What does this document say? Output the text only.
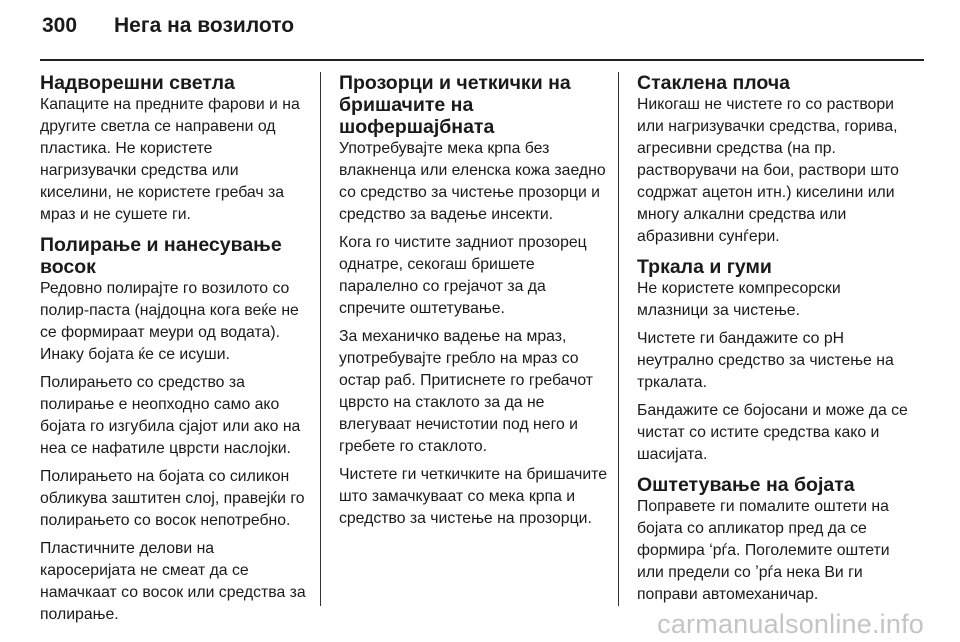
300	Нега на возилото
Надворешни светла

Капаците на предните фарови и на другите светла се направени од пластика. Не користете нагризувачки средства или киселини, не користете гребач за мраз и не сушете ги.

Полирање и нанесување восок

Редовно полирајте го возилото со полир-паста (најдоцна кога веќе не се формираат меури од водата). Инаку бојата ќе се исуши.

Полирањето со средство за полирање е неопходно само ако бојата го изгубила сјајот или ако на неа се нафатиле цврсти наслојки.

Полирањето на бојата со силикон обликува заштитен слој, правејќи го полирањето со восок непотребно.

Пластичните делови на каросеријата не смеат да се намачкаат со восок или средства за полирање.

Прозорци и четкички на бришачите на шофершајбната

Употребувајте мека крпа без влакненца или еленска кожа заедно со средство за чистење прозорци и средство за вадење инсекти.

Кога го чистите задниот прозорец однатре, секогаш бришете паралелно со грејачот за да спречите оштетување.

За механичко вадење на мраз, употребувајте гребло на мраз со остар раб. Притиснете го гребачот цврсто на стаклото за да не влегуваат нечистотии под него и гребете го стаклото.

Чистете ги четкичките на бришачите што замачкуваат со мека крпа и средство за чистење на прозорци.

Стаклена плоча

Никогаш не чистете го со раствори или нагризувачки средства, горива, агресивни средства (на пр. растворувачи на бои, раствори што содржат ацетон итн.) киселини или многу алкални средства или абразивни сунѓери.

Тркала и гуми

Не користете компресорски млазници за чистење.

Чистете ги бандажите со pH неутрално средство за чистење на тркалата.

Бандажите се бојосани и може да се чистат со истите средства како и шасијата.

Оштетување на бојата

Поправете ги помалите оштети на бојата со апликатор пред да се формира ʻрѓа. Поголемите оштети или предели со ʼрѓа нека Ви ги поправи автомеханичар.

carmanualsonline.info
